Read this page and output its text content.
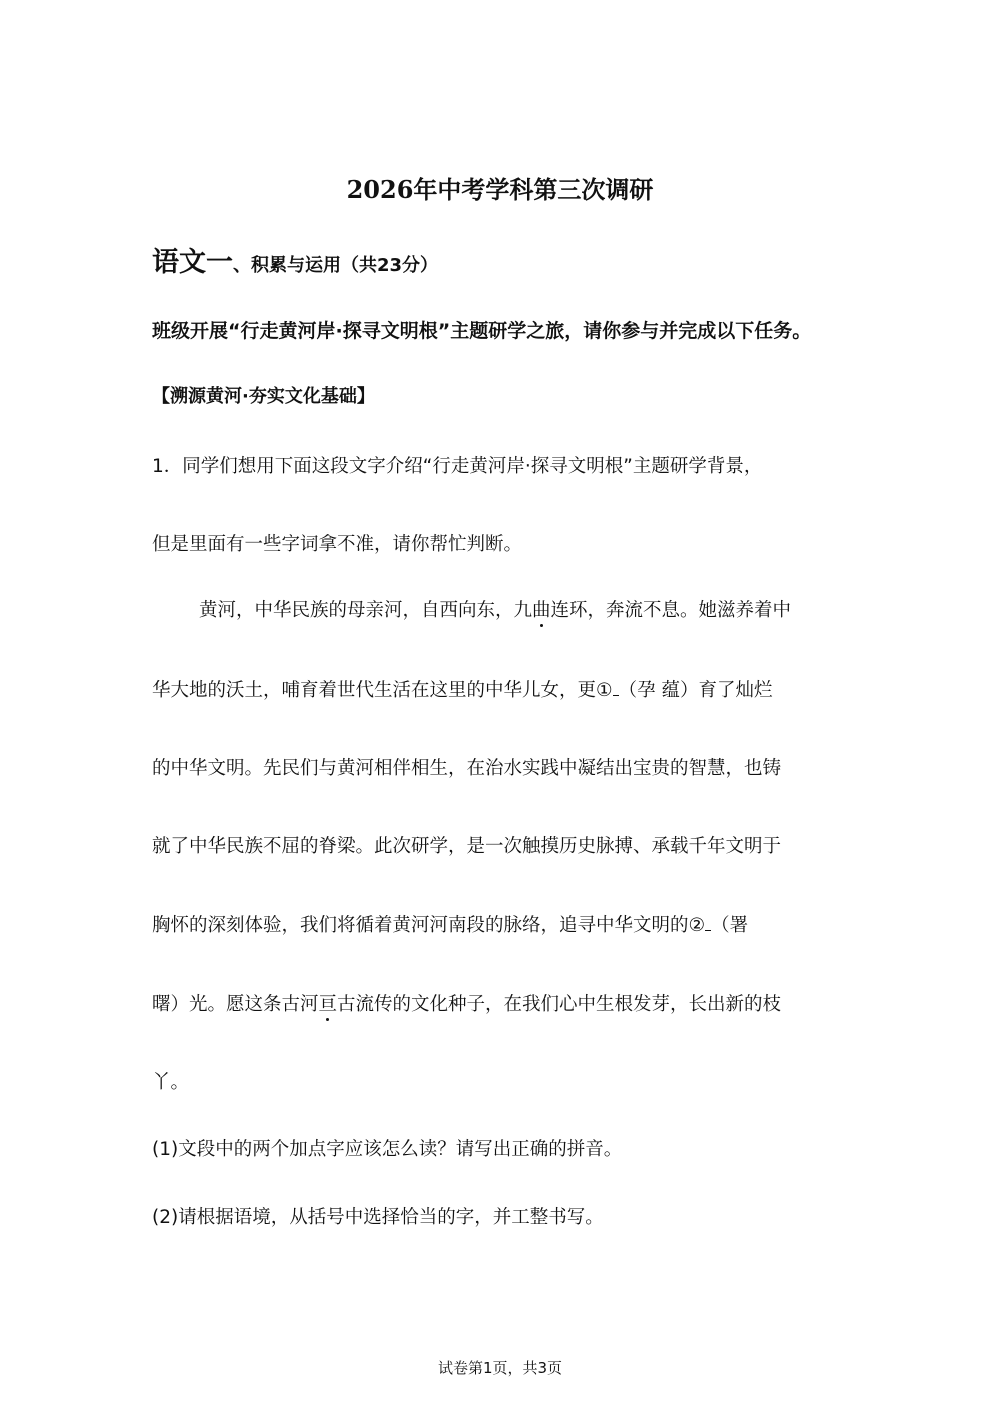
2026年中考学科第三次调研
语文一、积累与运用（共23分）
班级开展“行走黄河岸·探寻文明根”主题研学之旅，请你参与并完成以下任务。
【溯源黄河·夯实文化基础】
1．同学们想用下面这段文字介绍“行走黄河岸·探寻文明根”主题研学背景，
但是里面有一些字词拿不准，请你帮忙判断。
黄河，中华民族的母亲河，自西向东，九曲连环，奔流不息。她滋养着中
华大地的沃土，哺育着世代生活在这里的中华儿女，更① （孕 蕴）育了灿烂
的中华文明。先民们与黄河相伴相生，在治水实践中凝结出宝贵的智慧，也铸
就了中华民族不屈的脊梁。此次研学，是一次触摸历史脉搏、承载千年文明于
胸怀的深刻体验，我们将循着黄河河南段的脉络，追寻中华文明的② （署
曙）光。愿这条古河亘古流传的文化种子，在我们心中生根发芽，长出新的枝
丫。
(1)文段中的两个加点字应该怎么读？请写出正确的拼音。
(2)请根据语境，从括号中选择恰当的字，并工整书写。
试卷第1页，共3页
